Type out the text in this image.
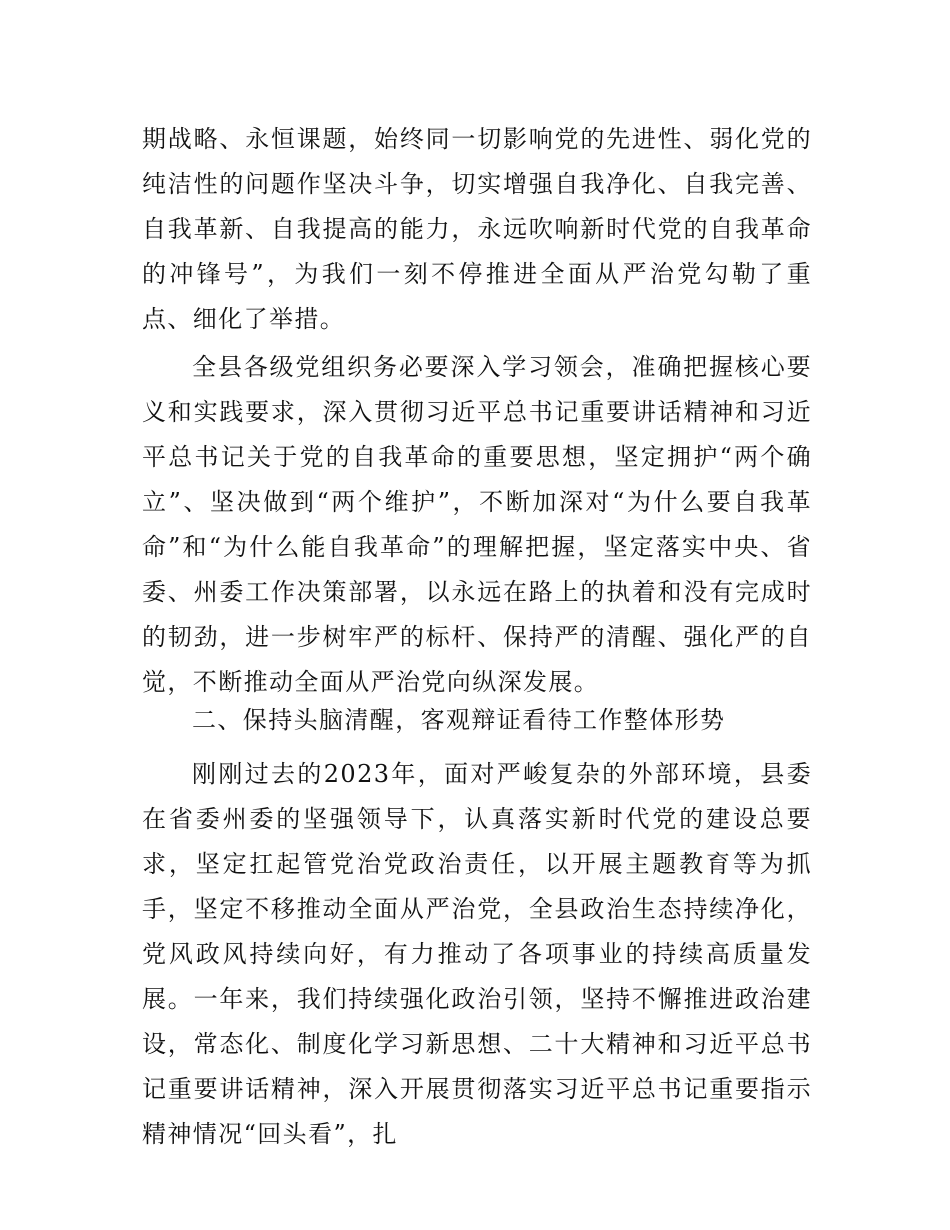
期战略、永恒课题，始终同一切影响党的先进性、弱化党的纯洁性的问题作坚决斗争，切实增强自我净化、自我完善、自我革新、自我提高的能力，永远吹响新时代党的自我革命的冲锋号”，为我们一刻不停推进全面从严治党勾勒了重点、细化了举措。

全县各级党组织务必要深入学习领会，准确把握核心要义和实践要求，深入贯彻习近平总书记重要讲话精神和习近平总书记关于党的自我革命的重要思想，坚定拥护“两个确立”、坚决做到“两个维护”，不断加深对“为什么要自我革命”和“为什么能自我革命”的理解把握，坚定落实中央、省委、州委工作决策部署，以永远在路上的执着和没有完成时的韧劲，进一步树牢严的标杆、保持严的清醒、强化严的自觉，不断推动全面从严治党向纵深发展。

二、保持头脑清醒，客观辩证看待工作整体形势

刚刚过去的2023年，面对严峻复杂的外部环境，县委在省委州委的坚强领导下，认真落实新时代党的建设总要求，坚定扛起管党治党政治责任，以开展主题教育等为抓手，坚定不移推动全面从严治党，全县政治生态持续净化，党风政风持续向好，有力推动了各项事业的持续高质量发展。一年来，我们持续强化政治引领，坚持不懈推进政治建设，常态化、制度化学习新思想、二十大精神和习近平总书记重要讲话精神，深入开展贯彻落实习近平总书记重要指示精神情况“回头看”，扎
